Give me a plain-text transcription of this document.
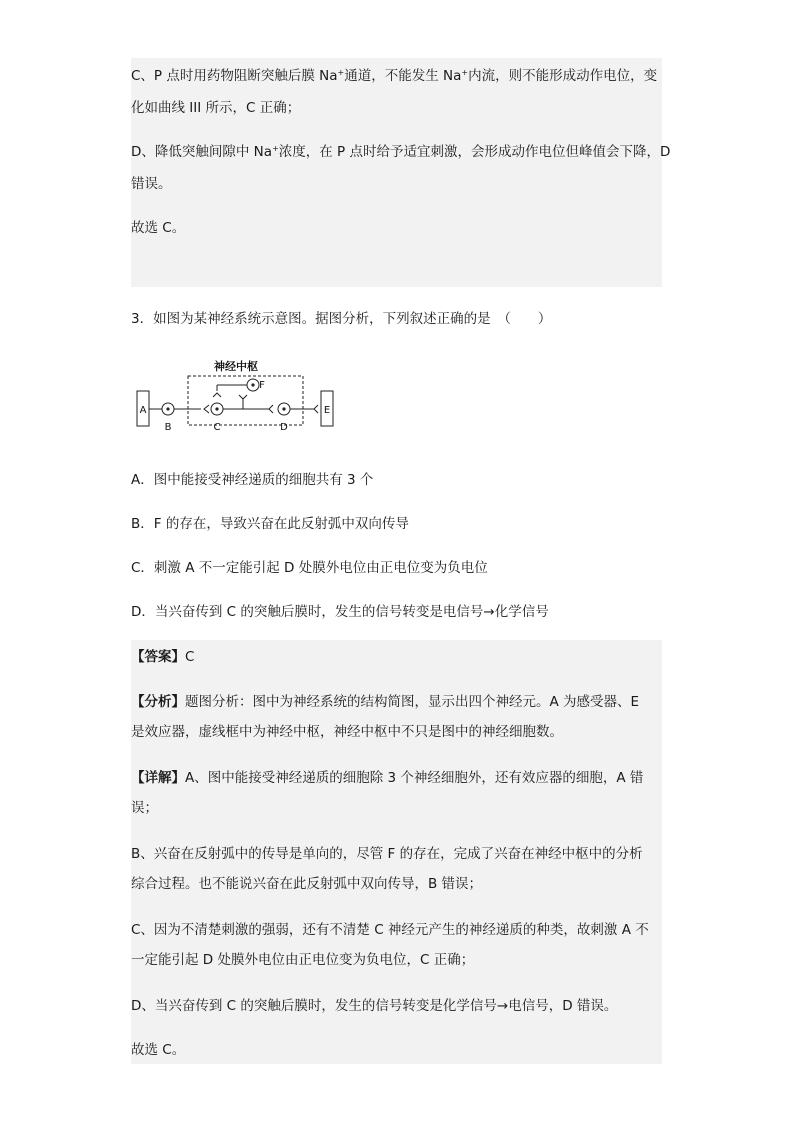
C、P 点时用药物阻断突触后膜 Na+通道，不能发生 Na+内流，则不能形成动作电位，变
化如曲线 III 所示，C 正确；
D、降低突触间隙中 Na+浓度，在 P 点时给予适宜刺激，会形成动作电位但峰值会下降，D
错误。
故选 C。
3．如图为某神经系统示意图。据图分析，下列叙述正确的是　（　　）
神经中枢
A	E
B	C
F
D
A．图中能接受神经递质的细胞共有 3 个
B．F 的存在，导致兴奋在此反射弧中双向传导
C．刺激 A 不一定能引起 D 处膜外电位由正电位变为负电位
D．当兴奋传到 C 的突触后膜时，发生的信号转变是电信号→化学信号
【答案】C
【分析】题图分析：图中为神经系统的结构简图，显示出四个神经元。A 为感受器、E
是效应器，虚线框中为神经中枢，神经中枢中不只是图中的神经细胞数。
【详解】A、图中能接受神经递质的细胞除 3 个神经细胞外，还有效应器的细胞，A 错
误；
B、兴奋在反射弧中的传导是单向的，尽管 F 的存在，完成了兴奋在神经中枢中的分析
综合过程。也不能说兴奋在此反射弧中双向传导，B 错误；
C、因为不清楚刺激的强弱，还有不清楚 C 神经元产生的神经递质的种类，故刺激 A 不
一定能引起 D 处膜外电位由正电位变为负电位，C 正确；
D、当兴奋传到 C 的突触后膜时，发生的信号转变是化学信号→电信号，D 错误。
故选 C。
